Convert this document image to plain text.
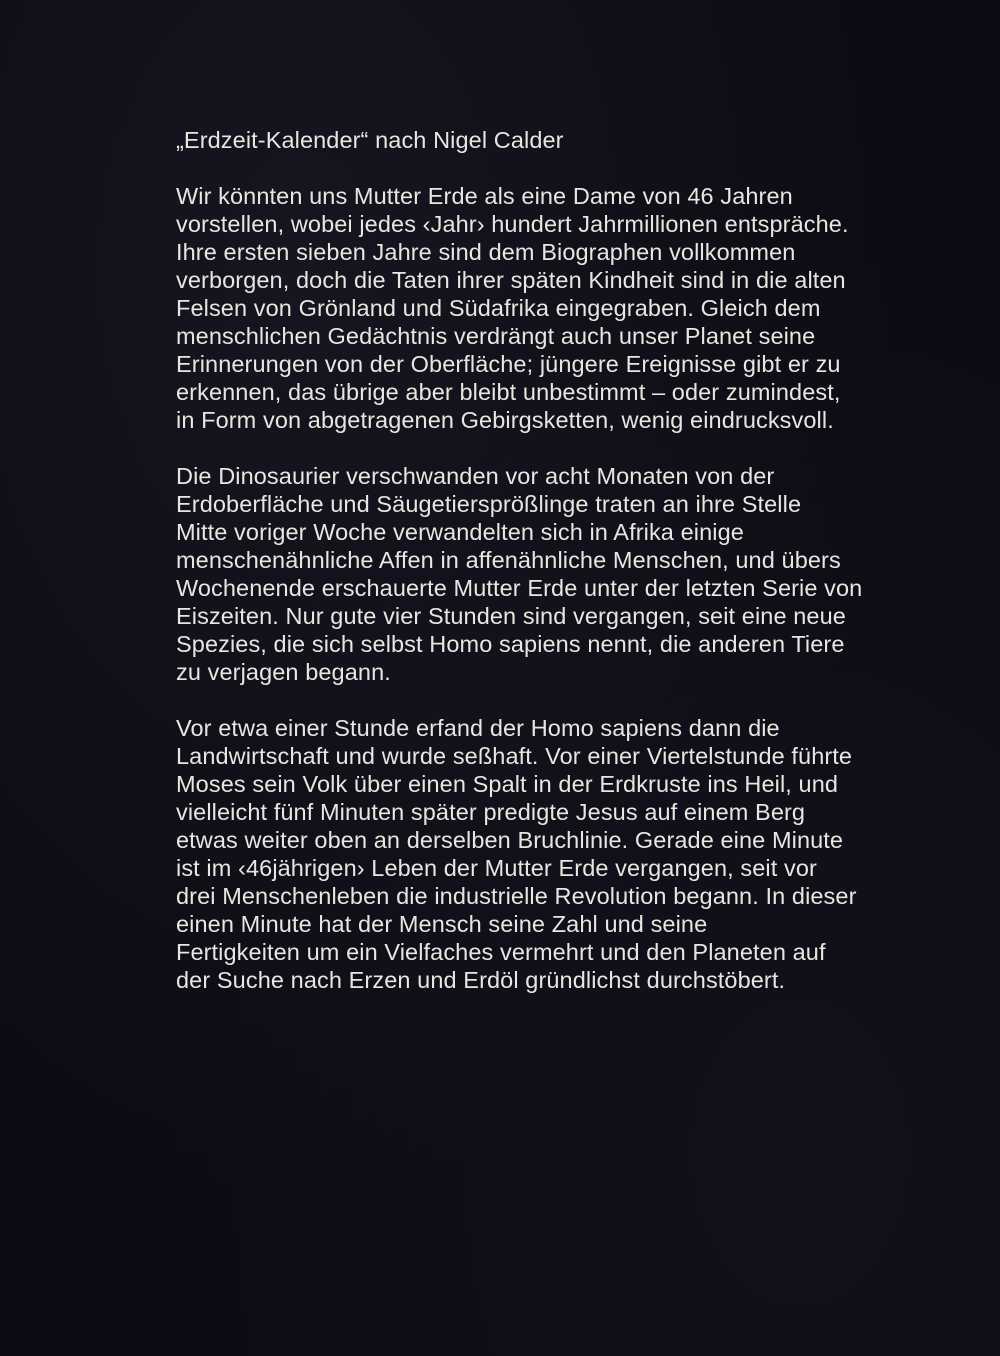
„Erdzeit-Kalender“ nach Nigel Calder
Wir könnten uns Mutter Erde als eine Dame von 46 Jahren
vorstellen, wobei jedes ‹Jahr› hundert Jahrmillionen entspräche.
Ihre ersten sieben Jahre sind dem Biographen vollkommen
verborgen, doch die Taten ihrer späten Kindheit sind in die alten
Felsen von Grönland und Südafrika eingegraben. Gleich dem
menschlichen Gedächtnis verdrängt auch unser Planet seine
Erinnerungen von der Oberfläche; jüngere Ereignisse gibt er zu
erkennen, das übrige aber bleibt unbestimmt – oder zumindest,
in Form von abgetragenen Gebirgsketten, wenig eindrucksvoll.
Die Dinosaurier verschwanden vor acht Monaten von der
Erdoberfläche und Säugetiersprößlinge traten an ihre Stelle
Mitte voriger Woche verwandelten sich in Afrika einige
menschenähnliche Affen in affenähnliche Menschen, und übers
Wochenende erschauerte Mutter Erde unter der letzten Serie von
Eiszeiten. Nur gute vier Stunden sind vergangen, seit eine neue
Spezies, die sich selbst Homo sapiens nennt, die anderen Tiere
zu verjagen begann.
Vor etwa einer Stunde erfand der Homo sapiens dann die
Landwirtschaft und wurde seßhaft. Vor einer Viertelstunde führte
Moses sein Volk über einen Spalt in der Erdkruste ins Heil, und
vielleicht fünf Minuten später predigte Jesus auf einem Berg
etwas weiter oben an derselben Bruchlinie. Gerade eine Minute
ist im ‹46jährigen› Leben der Mutter Erde vergangen, seit vor
drei Menschenleben die industrielle Revolution begann. In dieser
einen Minute hat der Mensch seine Zahl und seine
Fertigkeiten um ein Vielfaches vermehrt und den Planeten auf
der Suche nach Erzen und Erdöl gründlichst durchstöbert.
